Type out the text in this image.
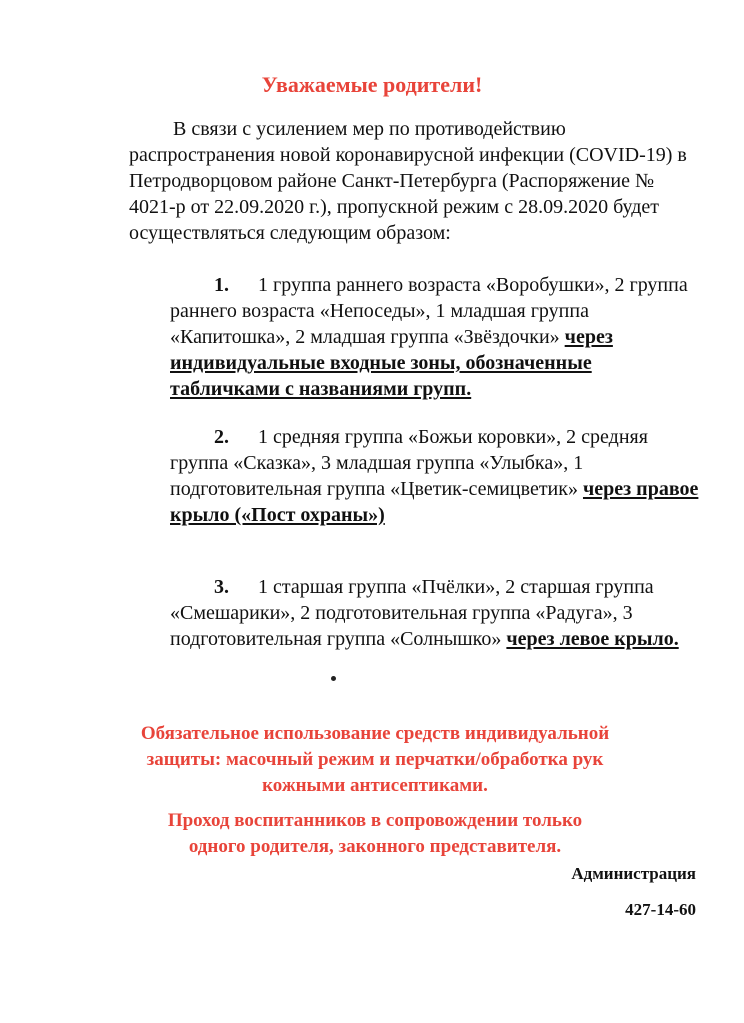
Уважаемые родители!

В связи с усилением мер по противодействию распространения новой коронавирусной инфекции (COVID-19) в Петродворцовом районе Санкт-Петербурга (Распоряжение № 4021-р от 22.09.2020 г.), пропускной режим с 28.09.2020 будет осуществляться следующим образом:

1. 1 группа раннего возраста «Воробушки», 2 группа раннего возраста «Непоседы», 1 младшая группа «Капитошка», 2 младшая группа «Звёздочки» через индивидуальные входные зоны, обозначенные табличками с названиями групп.

2. 1 средняя группа «Божьи коровки», 2 средняя группа «Сказка», 3 младшая группа «Улыбка», 1 подготовительная группа «Цветик-семицветик» через правое крыло («Пост охраны»)

3. 1 старшая группа «Пчёлки», 2 старшая группа «Смешарики», 2 подготовительная группа «Радуга», 3 подготовительная группа «Солнышко» через левое крыло.

Обязательное использование средств индивидуальной защиты: масочный режим и перчатки/обработка рук кожными антисептиками.

Проход воспитанников в сопровождении только одного родителя, законного представителя.

Администрация

427-14-60
